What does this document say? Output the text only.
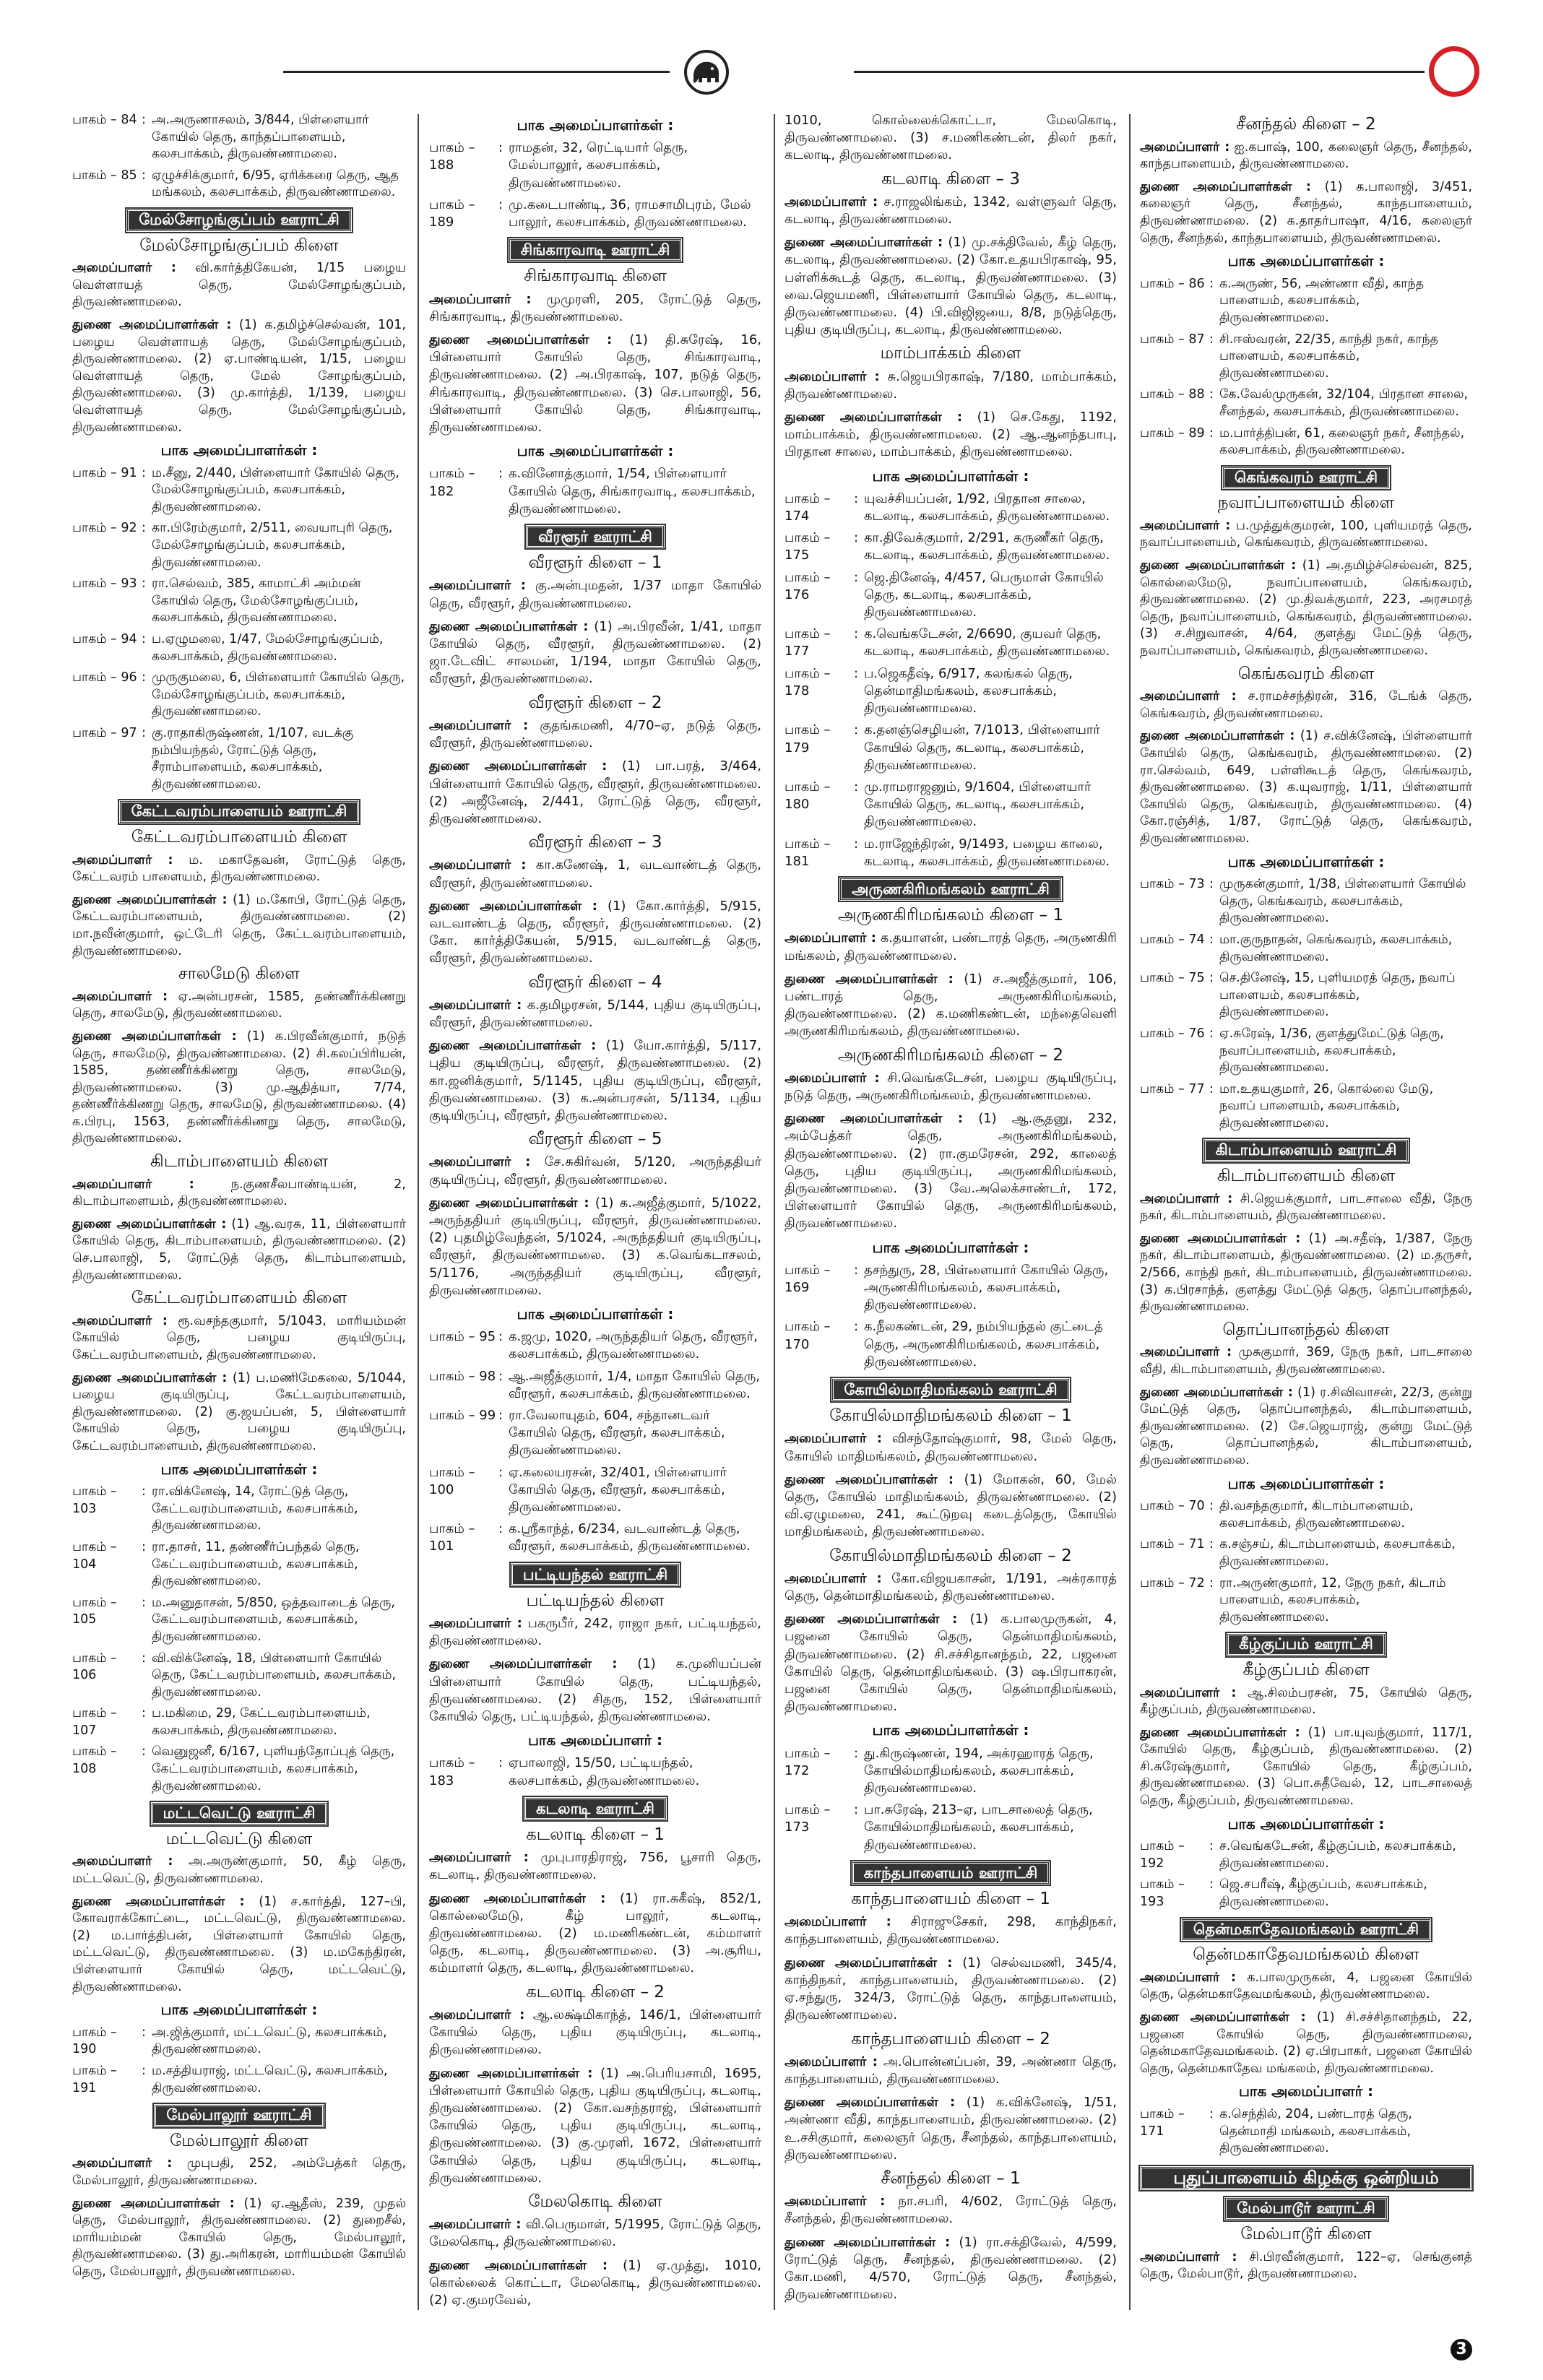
பாகம் – 84 : அ.அருணாசலம், 3/844, பிள்ளையார் கோயில் தெரு, காந்தப்பாளையம், கலசபாக்கம், திருவண்ணாமலை.
பாகம் – 85 : ஏழுச்சிக்குமார், 6/95, ஏரிக்கரை தெரு, ஆத மங்கலம், கலசபாக்கம், திருவண்ணாமலை.
மேல்சோழங்குப்பம் ஊராட்சி
மேல்சோழங்குப்பம் கிளை

அமைப்பாளர் : வி.கார்த்திகேயன், 1/15 பழைய வெள்ளாயத் தெரு, மேல்சோழங்குப்பம், திருவண்ணாமலை.

துணை அமைப்பாளர்கள் : (1) க.தமிழ்ச்செல்வன், 101, பழைய வெள்ளாயத் தெரு, மேல்சோழங்குப்பம், திருவண்ணாமலை. (2) ஏ.பாண்டியன், 1/15, பழைய வெள்ளாயத் தெரு, மேல் சோழங்குப்பம், திருவண்ணாமலை. (3) மு.கார்த்தி, 1/139, பழைய வெள்ளாயத் தெரு, மேல்சோழங்குப்பம், திருவண்ணாமலை.

பாக அமைப்பாளர்கள் :
பாகம் – 91 : ம.சீனு, 2/440, பிள்ளையார் கோயில் தெரு, மேல்சோழங்குப்பம், கலசபாக்கம், திருவண்ணாமலை.
பாகம் – 92 : கா.பிரேம்குமார், 2/511, வையாபுரி தெரு, மேல்சோழங்குப்பம், கலசபாக்கம், திருவண்ணாமலை.
பாகம் – 93 : ரா.செல்வம், 385, காமாட்சி அம்மன் கோயில் தெரு, மேல்சோழங்குப்பம், கலசபாக்கம், திருவண்ணாமலை.
பாகம் – 94 : ப.ஏழுமலை, 1/47, மேல்சோழங்குப்பம், கலசபாக்கம், திருவண்ணாமலை.
பாகம் – 96 : முருகுமலை, 6, பிள்ளையார் கோயில் தெரு, மேல்சோழங்குப்பம், கலசபாக்கம், திருவண்ணாமலை.
பாகம் – 97 : கு.ராதாகிருஷ்ணன், 1/107, வடக்கு நம்பியந்தல், ரோட்டுத் தெரு, சீராம்பாளையம், கலசபாக்கம், திருவண்ணாமலை.
கேட்டவரம்பாளையம் ஊராட்சி
கேட்டவரம்பாளையம் கிளை

அமைப்பாளர் : ம. மகாதேவன், ரோட்டுத் தெரு, கேட்டவரம் பாளையம், திருவண்ணாமலை.

துணை அமைப்பாளர்கள் : (1) ம.கோபி, ரோட்டுத் தெரு, கேட்டவரம்பாளையம், திருவண்ணாமலை. (2) மா.நவீன்குமார், ஒட்டேரி தெரு, கேட்டவரம்பாளையம், திருவண்ணாமலை.

சாலமேடு கிளை

அமைப்பாளர் : ஏ.அன்பரசன், 1585, தண்ணீர்க்கிணறு தெரு, சாலமேடு, திருவண்ணாமலை.

துணை அமைப்பாளர்கள் : (1) க.பிரவீன்குமார், நடுத் தெரு, சாலமேடு, திருவண்ணாமலை. (2) சி.கலப்பிரியன், 1585, தண்ணீர்க்கிணறு தெரு, சாலமேடு, திருவண்ணாமலை. (3) மு.ஆதித்யா, 7/74, தண்ணீர்க்கிணறு தெரு, சாலமேடு, திருவண்ணாமலை. (4) க.பிரபு, 1563, தண்ணீர்க்கிணறு தெரு, சாலமேடு, திருவண்ணாமலை.

கிடாம்பாளையம் கிளை

அமைப்பாளர் : ந.குணசீலபாண்டியன், 2, கிடாம்பாளையம், திருவண்ணாமலை.

துணை அமைப்பாளர்கள் : (1) ஆ.வரசு, 11, பிள்ளையார் கோயில் தெரு, கிடாம்பாளையம், திருவண்ணாமலை. (2) செ.பாலாஜி, 5, ரோட்டுத் தெரு, கிடாம்பாளையம், திருவண்ணாமலை.

கேட்டவரம்பாளையம் கிளை

அமைப்பாளர் : ரூ.வசந்தகுமார், 5/1043, மாரியம்மன் கோயில் தெரு, பழைய குடியிருப்பு, கேட்டவரம்பாளையம், திருவண்ணாமலை.

துணை அமைப்பாளர்கள் : (1) ப.மணிமேகலை, 5/1044, பழைய குடியிருப்பு, கேட்டவரம்பாளையம், திருவண்ணாமலை. (2) கு.ஜயப்பன், 5, பிள்ளையார் கோயில் தெரு, பழைய குடியிருப்பு, கேட்டவரம்பாளையம், திருவண்ணாமலை.

பாக அமைப்பாளர்கள் :
பாகம் – 103
: ரா.விக்னேஷ், 14, ரோட்டுத் தெரு, கேட்டவரம்பாளையம், கலசபாக்கம், திருவண்ணாமலை.
பாகம் – 104
: ரா.தாசர், 11, தண்ணீர்ப்பந்தல் தெரு, கேட்டவரம்பாளையம், கலசபாக்கம், திருவண்ணாமலை.
பாகம் – 105
: ம.அனுதாசன், 5/850, ஒத்தவாடைத் தெரு, கேட்டவரம்பாளையம், கலசபாக்கம், திருவண்ணாமலை.
பாகம் – 106
: வி.விக்னேஷ், 18, பிள்ளையார் கோயில் தெரு, கேட்டவரம்பாளையம், கலசபாக்கம், திருவண்ணாமலை.
பாகம் – 107
: ப.மகிமை, 29, கேட்டவரம்பாளையம், கலசபாக்கம், திருவண்ணாமலை.
பாகம் – 108
: வெனுஜனீ, 6/167, புளியந்தோப்புத் தெரு, கேட்டவரம்பாளையம், கலசபாக்கம், திருவண்ணாமலை.
மட்டவெட்டு ஊராட்சி
மட்டவெட்டு கிளை

அமைப்பாளர் : அ.அருண்குமார், 50, கீழ் தெரு, மட்டவெட்டு, திருவண்ணாமலை.

துணை அமைப்பாளர்கள் : (1) ச.கார்த்தி, 127–பி, கோவராக்கோட்டை, மட்டவெட்டு, திருவண்ணாமலை. (2) ம.பார்த்திபன், பிள்ளையார் கோயில் தெரு, மட்டவெட்டு, திருவண்ணாமலை. (3) ம.மகேந்திரன், பிள்ளையார் கோயில் தெரு, மட்டவெட்டு, திருவண்ணாமலை.

பாக அமைப்பாளர்கள் :
பாகம் – 190
: அ.ஜித்குமார், மட்டவெட்டு, கலசபாக்கம், திருவண்ணாமலை.
பாகம் – 191
: ம.சத்தியராஜ், மட்டவெட்டு, கலசபாக்கம், திருவண்ணாமலை.
மேல்பாலூர் ஊராட்சி
மேல்பாலூர் கிளை

அமைப்பாளர் : முபுபதி, 252, அம்பேத்கர் தெரு, மேல்பாலூர், திருவண்ணாமலை.

துணை அமைப்பாளர்கள் : (1) ஏ.ஆதீஸ், 239, முதல் தெரு, மேல்பாலூர், திருவண்ணாமலை. (2) துறைசீல், மாரியம்மன் கோயில் தெரு, மேல்பாலூர், திருவண்ணாமலை. (3) து.அரிகரன், மாரியம்மன் கோயில் தெரு, மேல்பாலூர், திருவண்ணாமலை.

பாக அமைப்பாளர்கள் :
பாகம் – 188
: ராமதன், 32, ரெட்டியார் தெரு, மேல்பாலூர், கலசபாக்கம், திருவண்ணாமலை.
பாகம் – 189
: மு.கடைபாண்டி, 36, ராமசாமிபுரம், மேல் பாலூர், கலசபாக்கம், திருவண்ணாமலை.
சிங்காரவாடி ஊராட்சி
சிங்காரவாடி கிளை

அமைப்பாளர் : முமுரளி, 205, ரோட்டுத் தெரு, சிங்காரவாடி, திருவண்ணாமலை.

துணை அமைப்பாளர்கள் : (1) தி.சுரேஷ், 16, பிள்ளையார் கோயில் தெரு, சிங்காரவாடி, திருவண்ணாமலை. (2) அ.பிரகாஷ், 107, நடுத் தெரு, சிங்காரவாடி, திருவண்ணாமலை. (3) செ.பாலாஜி, 56, பிள்ளையார் கோயில் தெரு, சிங்காரவாடி, திருவண்ணாமலை.

பாக அமைப்பாளர்கள் :
பாகம் – 182
: க.வினோத்குமார், 1/54, பிள்ளையார் கோயில் தெரு, சிங்காரவாடி, கலசபாக்கம், திருவண்ணாமலை.
வீரளூர் ஊராட்சி
வீரளூர் கிளை – 1

அமைப்பாளர் : கு.அன்புமதன், 1/37 மாதா கோயில் தெரு, வீரளூர், திருவண்ணாமலை.

துணை அமைப்பாளர்கள் : (1) அ.பிரவீன், 1/41, மாதா கோயில் தெரு, வீரளூர், திருவண்ணாமலை. (2) ஜா.டேவிட் சாலமன், 1/194, மாதா கோயில் தெரு, வீரளூர், திருவண்ணாமலை.

வீரளூர் கிளை – 2

அமைப்பாளர் : குதங்கமணி, 4/70–ஏ, நடுத் தெரு, வீரளூர், திருவண்ணாமலை.

துணை அமைப்பாளர்கள் : (1) பா.பரத், 3/464, பிள்ளையார் கோயில் தெரு, வீரளூர், திருவண்ணாமலை. (2) அஜீனேஷ், 2/441, ரோட்டுத் தெரு, வீரளூர், திருவண்ணாமலை.

வீரளூர் கிளை – 3

அமைப்பாளர் : கா.கணேஷ், 1, வடவாண்டத் தெரு, வீரளூர், திருவண்ணாமலை.

துணை அமைப்பாளர்கள் : (1) கோ.கார்த்தி, 5/915, வடவாண்டத் தெரு, வீரளூர், திருவண்ணாமலை. (2) கோ. கார்த்திகேயன், 5/915, வடவாண்டத் தெரு, வீரளூர், திருவண்ணாமலை.

வீரளூர் கிளை – 4

அமைப்பாளர் : க.தமிழரசன், 5/144, புதிய குடியிருப்பு, வீரளூர், திருவண்ணாமலை.

துணை அமைப்பாளர்கள் : (1) யோ.கார்த்தி, 5/117, புதிய குடியிருப்பு, வீரளூர், திருவண்ணாமலை. (2) கா.ஜனிக்குமார், 5/1145, புதிய குடியிருப்பு, வீரளூர், திருவண்ணாமலை. (3) க.அன்பரசன், 5/1134, புதிய குடியிருப்பு, வீரளூர், திருவண்ணாமலை.

வீரளூர் கிளை – 5

அமைப்பாளர் : சே.சுகிர்வன், 5/120, அருந்ததியர் குடியிருப்பு, வீரளூர், திருவண்ணாமலை.

துணை அமைப்பாளர்கள் : (1) க.அஜீத்குமார், 5/1022, அருந்ததியர் குடியிருப்பு, வீரளூர், திருவண்ணாமலை. (2) புதமிழ்வேந்தன், 5/1024, அருந்ததியர் குடியிருப்பு, வீரளூர், திருவண்ணாமலை. (3) க.வெங்கடாசலம், 5/1176, அருந்ததியர் குடியிருப்பு, வீரளூர், திருவண்ணாமலை.

பாக அமைப்பாளர்கள் :
பாகம் – 95 : க.ஜமு, 1020, அருந்ததியர் தெரு, வீரளூர், கலசபாக்கம், திருவண்ணாமலை.
பாகம் – 98 : ஆ.அஜீத்குமார், 1/4, மாதா கோயில் தெரு, வீரளூர், கலசபாக்கம், திருவண்ணாமலை.
பாகம் – 99 : ரா.வேலாயுதம், 604, சந்தானடவர் கோயில் தெரு, வீரளூர், கலசபாக்கம், திருவண்ணாமலை.
பாகம் – 100
: ஏ.கலையரசன், 32/401, பிள்ளையார் கோயில் தெரு, வீரளூர், கலசபாக்கம், திருவண்ணாமலை.
பாகம் – 101
: க.ஸ்ரீகாந்த், 6/234, வடவாண்டத் தெரு, வீரளூர், கலசபாக்கம், திருவண்ணாமலை.
பட்டியந்தல் ஊராட்சி
பட்டியந்தல் கிளை

அமைப்பாளர் : பகருபீர், 242, ராஜா நகர், பட்டியந்தல், திருவண்ணாமலை.

துணை அமைப்பாளர்கள் : (1) க.முனியப்பன் பிள்ளையார் கோயில் தெரு, பட்டியந்தல், திருவண்ணாமலை. (2) சிதரு, 152, பிள்ளையார் கோயில் தெரு, பட்டியந்தல், திருவண்ணாமலை.

பாக அமைப்பாளர் :
பாகம் –183
: ஏபாலாஜி, 15/50, பட்டியந்தல், கலசபாக்கம், திருவண்ணாமலை.
கடலாடி ஊராட்சி
கடலாடி கிளை – 1

அமைப்பாளர் : முபுபாரதிராஜ், 756, பூசாரி தெரு, கடலாடி, திருவண்ணாமலை.

துணை அமைப்பாளர்கள் : (1) ரா.சுகீஷ், 852/1, கொல்லைமேடு, கீழ் பாலூர், கடலாடி, திருவண்ணாமலை. (2) ம.மணிகண்டன், கம்மாளர் தெரு, கடலாடி, திருவண்ணாமலை. (3) அ.சூரிய, கம்மாளர் தெரு, கடலாடி, திருவண்ணாமலை.

கடலாடி கிளை – 2

அமைப்பாளர் : ஆ.லக்ஷ்மிகாந்த், 146/1, பிள்ளையார் கோயில் தெரு, புதிய குடியிருப்பு, கடலாடி, திருவண்ணாமலை.

துணை அமைப்பாளர்கள் : (1) அ.பெரியசாமி, 1695, பிள்ளையார் கோயில் தெரு, புதிய குடியிருப்பு, கடலாடி, திருவண்ணாமலை. (2) கோ.வசந்தராஜ், பிள்ளையார் கோயில் தெரு, புதிய குடியிருப்பு, கடலாடி, திருவண்ணாமலை. (3) கு.முரளி, 1672, பிள்ளையார் கோயில் தெரு, புதிய குடியிருப்பு, கடலாடி, திருவண்ணாமலை.

மேலகொடி கிளை

அமைப்பாளர் : வி.பெருமாள், 5/1995, ரோட்டுத் தெரு, மேலகொடி, திருவண்ணாமலை.

துணை அமைப்பாளர்கள் : (1) ஏ.முத்து, 1010, கொல்லைக் கொட்டா, மேலகொடி, திருவண்ணாமலை. (2) ஏ.குமரவேல்,

1010, கொல்லைக்கொட்டா, மேலகொடி, திருவண்ணாமலை. (3) ச.மணிகண்டன், திலர் நகர், கடலாடி, திருவண்ணாமலை.

கடலாடி கிளை – 3

அமைப்பாளர் : ச.ராஜலிங்கம், 1342, வள்ளுவர் தெரு, கடலாடி, திருவண்ணாமலை.

துணை அமைப்பாளர்கள் : (1) மு.சக்திவேல், கீழ் தெரு, கடலாடி, திருவண்ணாமலை. (2) கோ.உதயபிரகாஷ், 95, பள்ளிக்கூடத் தெரு, கடலாடி, திருவண்ணாமலை. (3) வை.ஜெயமணி, பிள்ளையார் கோயில் தெரு, கடலாடி, திருவண்ணாமலை. (4) பி.விஜிஜயை, 8/8, நடுத்தெரு, புதிய குடியிருப்பு, கடலாடி, திருவண்ணாமலை.

மாம்பாக்கம் கிளை

அமைப்பாளர் : சு.ஜெயபிரகாஷ், 7/180, மாம்பாக்கம், திருவண்ணாமலை.

துணை அமைப்பாளர்கள் : (1) செ.கேது, 1192, மாம்பாக்கம், திருவண்ணாமலை. (2) ஆ.ஆனந்தபாபு, பிரதான சாலை, மாம்பாக்கம், திருவண்ணாமலை.

பாக அமைப்பாளர்கள் :
பாகம் – 174
: யுவச்சியப்பன், 1/92, பிரதான சாலை, கடலாடி, கலசபாக்கம், திருவண்ணாமலை.
பாகம் – 175
: கா.திவேக்குமார், 2/291, கருணீகர் தெரு, கடலாடி, கலசபாக்கம், திருவண்ணாமலை.
பாகம் – 176
: ஜெ.தினேஷ், 4/457, பெருமாள் கோயில் தெரு, கடலாடி, கலசபாக்கம், திருவண்ணாமலை.
பாகம் – 177
: க.வெங்கடேசன், 2/6690, குயவர் தெரு, கடலாடி, கலசபாக்கம், திருவண்ணாமலை.
பாகம் – 178
: ப.ஜெகதீஷ், 6/917, கலங்கல் தெரு, தென்மாதிமங்கலம், கலசபாக்கம், திருவண்ணாமலை.
பாகம் – 179
: க.தனஞ்செழியன், 7/1013, பிள்ளையார் கோயில் தெரு, கடலாடி, கலசபாக்கம், திருவண்ணாமலை.
பாகம் – 180
: மு.ராமராஜனும், 9/1604, பிள்ளையார் கோயில் தெரு, கடலாடி, கலசபாக்கம், திருவண்ணாமலை.
பாகம் – 181
: ம.ராஜேந்திரன், 9/1493, பழைய காலை, கடலாடி, கலசபாக்கம், திருவண்ணாமலை.
அருணகிரிமங்கலம் ஊராட்சி
அருணகிரிமங்கலம் கிளை – 1

அமைப்பாளர் : க.தயாளன், பண்டாரத் தெரு, அருணகிரி மங்கலம், திருவண்ணாமலை.

துணை அமைப்பாளர்கள் : (1) ச.அஜீத்குமார், 106, பண்டாரத் தெரு, அருணகிரிமங்கலம், திருவண்ணாமலை. (2) க.மணிகண்டன், மந்தைவெளி அருணகிரிமங்கலம், திருவண்ணாமலை.

அருணகிரிமங்கலம் கிளை – 2

அமைப்பாளர் : சி.வெங்கடேசன், பழைய குடியிருப்பு, நடுத் தெரு, அருணகிரிமங்கலம், திருவண்ணாமலை.

துணை அமைப்பாளர்கள் : (1) ஆ.சூதனு, 232, அம்பேத்கர் தெரு, அருணகிரிமங்கலம், திருவண்ணாமலை. (2) ரா.குமரேசன், 292, காலைத் தெரு, புதிய குடியிருப்பு, அருணகிரிமங்கலம், திருவண்ணாமலை. (3) வே.அலெக்சாண்டர், 172, பிள்ளையார் கோயில் தெரு, அருணகிரிமங்கலம், திருவண்ணாமலை.

பாக அமைப்பாளர்கள் :
பாகம் – 169
: தசந்துரு, 28, பிள்ளையார் கோயில் தெரு, அருணகிரிமங்கலம், கலசபாக்கம், திருவண்ணாமலை.
பாகம் – 170
: க.நீலகண்டன், 29, நம்பியந்தல் குட்டைத் தெரு, அருணகிரிமங்கலம், கலசபாக்கம், திருவண்ணாமலை.
கோயில்மாதிமங்கலம் ஊராட்சி
கோயில்மாதிமங்கலம் கிளை – 1

அமைப்பாளர் : விசந்தோஷ்குமார், 98, மேல் தெரு, கோயில் மாதிமங்கலம், திருவண்ணாமலை.

துணை அமைப்பாளர்கள் : (1) மோகன், 60, மேல் தெரு, கோயில் மாதிமங்கலம், திருவண்ணாமலை. (2) வி.ஏழுமலை, 241, கூட்டுறவு கடைத்தெரு, கோயில் மாதிமங்கலம், திருவண்ணாமலை.

கோயில்மாதிமங்கலம் கிளை – 2

அமைப்பாளர் : கோ.விஜயகாசன், 1/191, அக்ரகாரத் தெரு, தென்மாதிமங்கலம், திருவண்ணாமலை.

துணை அமைப்பாளர்கள் : (1) க.பாலமுருகன், 4, பஜனை கோயில் தெரு, தென்மாதிமங்கலம், திருவண்ணாமலை. (2) சி.சச்சிதானந்தம், 22, பஜனை கோயில் தெரு, தென்மாதிமங்கலம். (3) ஷ.பிரபாகரன், பஜனை கோயில் தெரு, தென்மாதிமங்கலம், திருவண்ணாமலை.

பாக அமைப்பாளர்கள் :
பாகம் – 172
: து.கிருஷ்ணன், 194, அக்ரஹாரத் தெரு, கோயில்மாதிமங்கலம், கலசபாக்கம், திருவண்ணாமலை.
பாகம் – 173
: பா.சுரேஷ், 213–ஏ, பாடசாலைத் தெரு, கோயில்மாதிமங்கலம், கலசபாக்கம், திருவண்ணாமலை.
காந்தபாளையம் ஊராட்சி
காந்தபாளையம் கிளை – 1

அமைப்பாளர் : சிராஜுசேகர், 298, காந்திநகர், காந்தபாளையம், திருவண்ணாமலை.

துணை அமைப்பாளர்கள் : (1) செல்வமணி, 345/4, காந்திநகர், காந்தபாளையம், திருவண்ணாமலை. (2) ஏ.சந்துரு, 324/3, ரோட்டுத் தெரு, காந்தபாளையம், திருவண்ணாமலை.

காந்தபாளையம் கிளை – 2

அமைப்பாளர் : அ.பொன்னப்பன், 39, அண்ணா தெரு, காந்தபாளையம், திருவண்ணாமலை.

துணை அமைப்பாளர்கள் : (1) க.விக்னேஷ், 1/51, அண்ணா வீதி, காந்தபாளையம், திருவண்ணாமலை. (2) உ.சசிகுமார், கலைஞர் தெரு, சீனந்தல், காந்தபாளையம், திருவண்ணாமலை.

சீனந்தல் கிளை – 1

அமைப்பாளர் : நா.சபரி, 4/602, ரோட்டுத் தெரு, சீனந்தல், திருவண்ணாமலை.

துணை அமைப்பாளர்கள் : (1) ரா.சக்திவேல், 4/599, ரோட்டுத் தெரு, சீனந்தல், திருவண்ணாமலை. (2) கோ.மணி, 4/570, ரோட்டுத் தெரு, சீனந்தல், திருவண்ணாமலை.

சீனந்தல் கிளை – 2

அமைப்பாளர் : ஐ.கபாஷ், 100, கலைஞர் தெரு, சீனந்தல், காந்தபாளையம், திருவண்ணாமலை.

துணை அமைப்பாளர்கள் : (1) க.பாலாஜி, 3/451, கலைஞர் தெரு, சீனந்தல், காந்தபாளையம், திருவண்ணாமலை. (2) க.தாதர்பாஷா, 4/16, கலைஞர் தெரு, சீனந்தல், காந்தபாளையம், திருவண்ணாமலை.

பாக அமைப்பாளர்கள் :
பாகம் – 86 : க.அருண், 56, அண்ணா வீதி, காந்த பாளையம், கலசபாக்கம், திருவண்ணாமலை.
பாகம் – 87 : சி.ஈஸ்வரன், 22/35, காந்தி நகர், காந்த பாளையம், கலசபாக்கம், திருவண்ணாமலை.
பாகம் – 88 : கே.வேல்முருகன், 32/104, பிரதான சாலை, சீனந்தல், கலசபாக்கம், திருவண்ணாமலை.
பாகம் – 89 : ம.பார்த்திபன், 61, கலைஞர் நகர், சீனந்தல், கலசபாக்கம், திருவண்ணாமலை.
கெங்கவரம் ஊராட்சி
நவாப்பாளையம் கிளை

அமைப்பாளர் : ப.முத்துக்குமரன், 100, புளியமரத் தெரு, நவாப்பாளையம், கெங்கவரம், திருவண்ணாமலை.

துணை அமைப்பாளர்கள் : (1) அ.தமிழ்ச்செல்வன், 825, கொல்லைமேடு, நவாப்பாளையம், கெங்கவரம், திருவண்ணாமலை. (2) மு.திவக்குமார், 223, அரசமரத் தெரு, நவாப்பாளையம், கெங்கவரம், திருவண்ணாமலை. (3) ச.சிறுவாசன், 4/64, குளத்து மேட்டுத் தெரு, நவாப்பாளையம், கெங்கவரம், திருவண்ணாமலை.

கெங்கவரம் கிளை

அமைப்பாளர் : ச.ராமச்சந்திரன், 316, டேங்க் தெரு, கெங்கவரம், திருவண்ணாமலை.

துணை அமைப்பாளர்கள் : (1) ச.விக்னேஷ், பிள்ளையார் கோயில் தெரு, கெங்கவரம், திருவண்ணாமலை. (2) ரா.செல்வம், 649, பள்ளிகூடத் தெரு, கெங்கவரம், திருவண்ணாமலை. (3) க.யுவராஜ், 1/11, பிள்ளையார் கோயில் தெரு, கெங்கவரம், திருவண்ணாமலை. (4) கோ.ரஞ்சித், 1/87, ரோட்டுத் தெரு, கெங்கவரம், திருவண்ணாமலை.

பாக அமைப்பாளர்கள் :
பாகம் – 73 : முருகன்குமார், 1/38, பிள்ளையார் கோயில் தெரு, கெங்கவரம், கலசபாக்கம், திருவண்ணாமலை.
பாகம் – 74 : மா.குருநாதன், கெங்கவரம், கலசபாக்கம், திருவண்ணாமலை.
பாகம் – 75 : செ.தினேஷ், 15, புளியமரத் தெரு, நவாப் பாளையம், கலசபாக்கம், திருவண்ணாமலை.
பாகம் – 76 : ஏ.சுரேஷ், 1/36, குளத்துமேட்டுத் தெரு, நவாப்பாளையம், கலசபாக்கம், திருவண்ணாமலை.
பாகம் – 77 : மா.உதயகுமார், 26, கொல்லை மேடு, நவாப் பாளையம், கலசபாக்கம், திருவண்ணாமலை.
கிடாம்பாளையம் ஊராட்சி
கிடாம்பாளையம் கிளை

அமைப்பாளர் : சி.ஜெயக்குமார், பாடசாலை வீதி, நேரு நகர், கிடாம்பாளையம், திருவண்ணாமலை.

துணை அமைப்பாளர்கள் : (1) அ.சதீஷ், 1/387, நேரு நகர், கிடாம்பாளையம், திருவண்ணாமலை. (2) ம.தருசர், 2/566, காந்தி நகர், கிடாம்பாளையம், திருவண்ணாமலை. (3) க.பிரசாந்த், குளத்து மேட்டுத் தெரு, தொப்பானந்தல், திருவண்ணாமலை.

தொப்பானந்தல் கிளை

அமைப்பாளர் : முசுகுமார், 369, நேரு நகர், பாடசாலை வீதி, கிடாம்பாளையம், திருவண்ணாமலை.

துணை அமைப்பாளர்கள் : (1) ர.சிவிவாசன், 22/3, குன்று மேட்டுத் தெரு, தொப்பானந்தல், கிடாம்பாளையம், திருவண்ணாமலை. (2) சே.ஜெயராஜ், குன்று மேட்டுத் தெரு, தொப்பானந்தல், கிடாம்பாளையம், திருவண்ணாமலை.

பாக அமைப்பாளர்கள் :
பாகம் – 70 : தி.வசந்தகுமார், கிடாம்பாளையம், கலசபாக்கம், திருவண்ணாமலை.
பாகம் – 71 : க.சஞ்சய், கிடாம்பாளையம், கலசபாக்கம், திருவண்ணாமலை.
பாகம் – 72 : ரா.அருண்குமார், 12, நேரு நகர், கிடாம் பாளையம், கலசபாக்கம், திருவண்ணாமலை.
கீழ்குப்பம் ஊராட்சி
கீழ்குப்பம் கிளை

அமைப்பாளர் : ஆ.சிலம்பரசன், 75, கோயில் தெரு, கீழ்குப்பம், திருவண்ணாமலை.

துணை அமைப்பாளர்கள் : (1) பா.யுவந்குமார், 117/1, கோயில் தெரு, கீழ்குப்பம், திருவண்ணாமலை. (2) சி.சுரேஷ்குமார், கோயில் தெரு, கீழ்குப்பம், திருவண்ணாமலை. (3) பொ.சுதீவேல், 12, பாடசாலைத் தெரு, கீழ்குப்பம், திருவண்ணாமலை.

பாக அமைப்பாளர்கள் :
பாகம் – 192
: ச.வெங்கடேசன், கீழ்குப்பம், கலசபாக்கம், திருவண்ணாமலை.
பாகம் – 193
: ஜெ.சபரீஷ், கீழ்குப்பம், கலசபாக்கம், திருவண்ணாமலை.
தென்மகாதேவமங்கலம் ஊராட்சி
தென்மகாதேவமங்கலம் கிளை

அமைப்பாளர் : க.பாலமுருகன், 4, பஜனை கோயில் தெரு, தென்மகாதேவமங்கலம், திருவண்ணாமலை.

துணை அமைப்பாளர்கள் : (1) சி.சச்சிதானந்தம், 22, பஜனை கோயில் தெரு, திருவண்ணாமலை, தென்மகாதேவமங்கலம். (2) ஏ.பிரபாகர், பஜனை கோயில் தெரு, தென்மகாதேவ மங்கலம், திருவண்ணாமலை.

பாக அமைப்பாளர் :
பாகம் – 171
: க.செந்தில், 204, பண்டாரத் தெரு, தென்மாதி மங்கலம், கலசபாக்கம், திருவண்ணாமலை.
புதுப்பாளையம் கிழக்கு ஒன்றியம்
மேல்பாடூர் ஊராட்சி
மேல்பாடூர் கிளை

அமைப்பாளர் : சி.பிரவீன்குமார், 122–ஏ, செங்குனத் தெரு, மேல்பாடூர், திருவண்ணாமலை.

3
